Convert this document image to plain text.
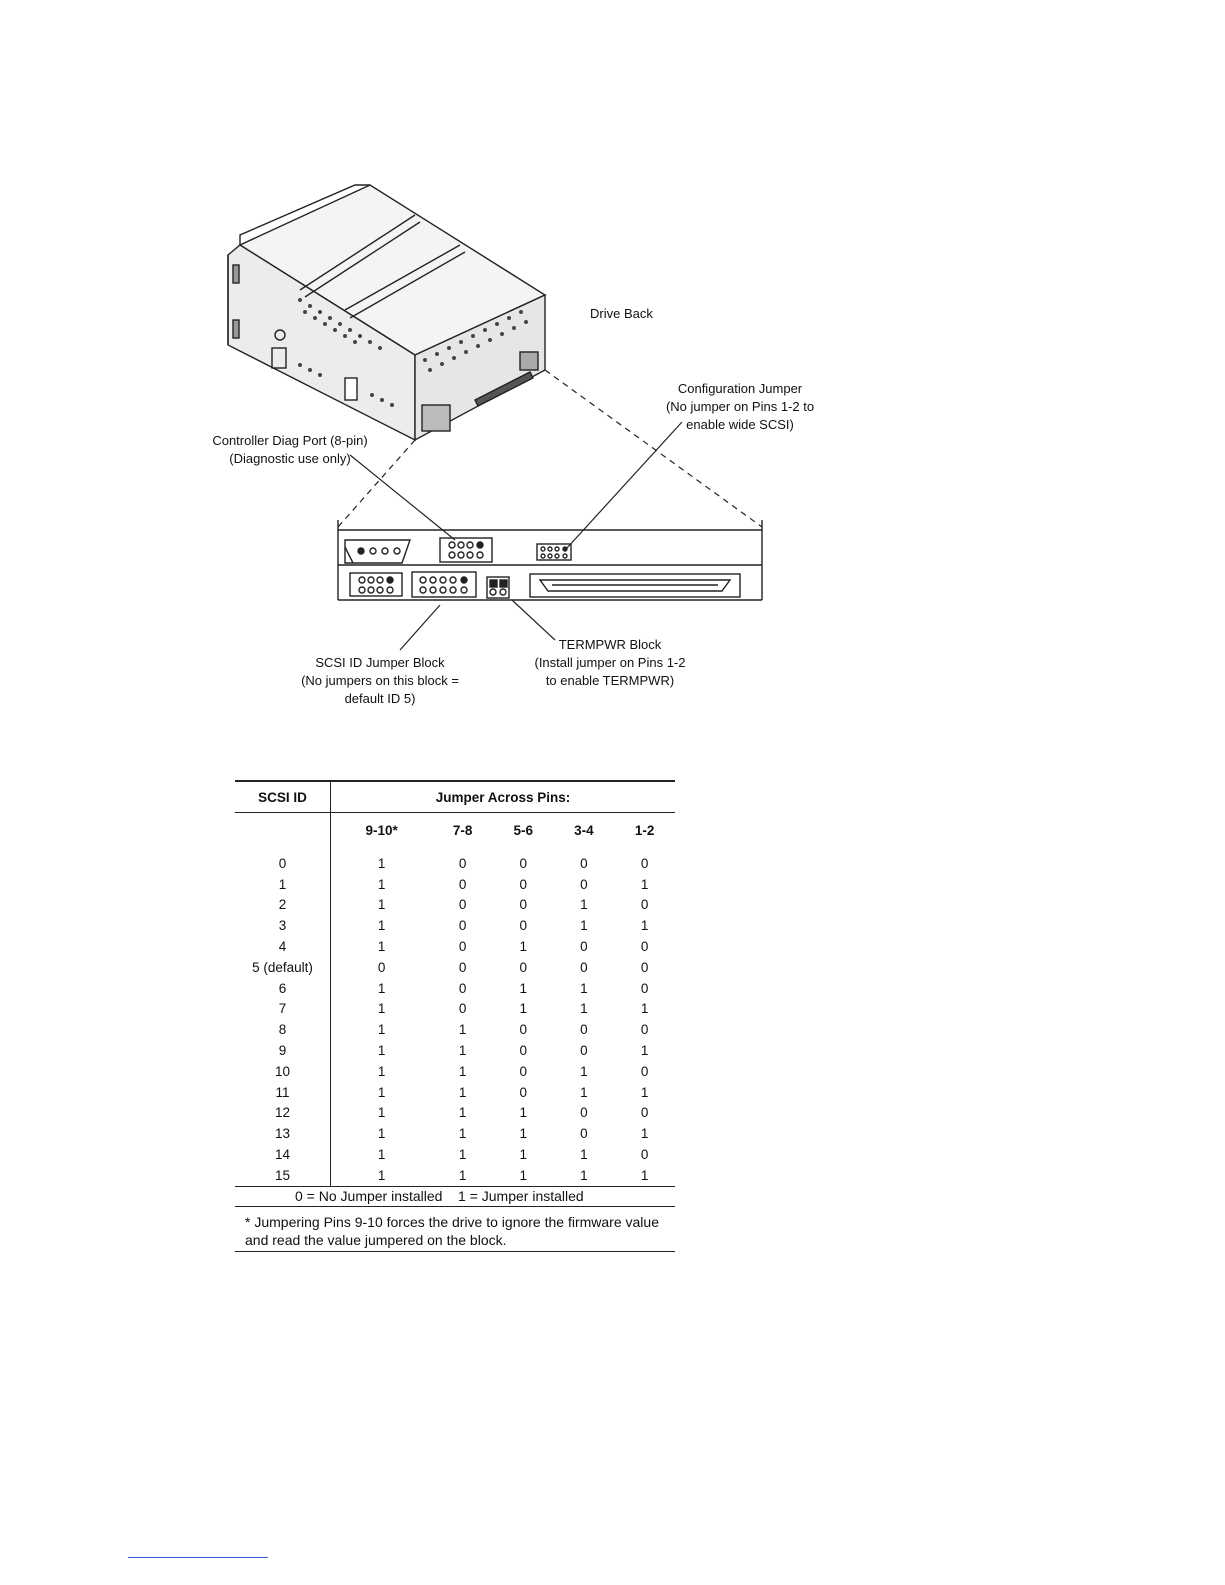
Drive Back
Configuration Jumper
(No jumper on Pins 1-2 to
enable wide SCSI)
Controller Diag Port (8-pin)
(Diagnostic use only)
SCSI ID Jumper Block
(No jumpers on this block =
default ID 5)
TERMPWR Block
(Install jumper on Pins 1-2
to enable TERMPWR)
SCSI ID	Jumper Across Pins:				
	9-10*	7-8	5-6	3-4	1-2
0	1	0	0	0	0
1	1	0	0	0	1
2	1	0	0	1	0
3	1	0	0	1	1
4	1	0	1	0	0
5 (default)	0	0	0	0	0
6	1	0	1	1	0
7	1	0	1	1	1
8	1	1	0	0	0
9	1	1	0	0	1
10	1	1	0	1	0
11	1	1	0	1	1
12	1	1	1	0	0
13	1	1	1	0	1
14	1	1	1	1	0
15	1	1	1	1	1
0 = No Jumper installed    1 = Jumper installed					
* Jumpering Pins 9-10 forces the drive to ignore the firmware value and read the value jumpered on the block.
